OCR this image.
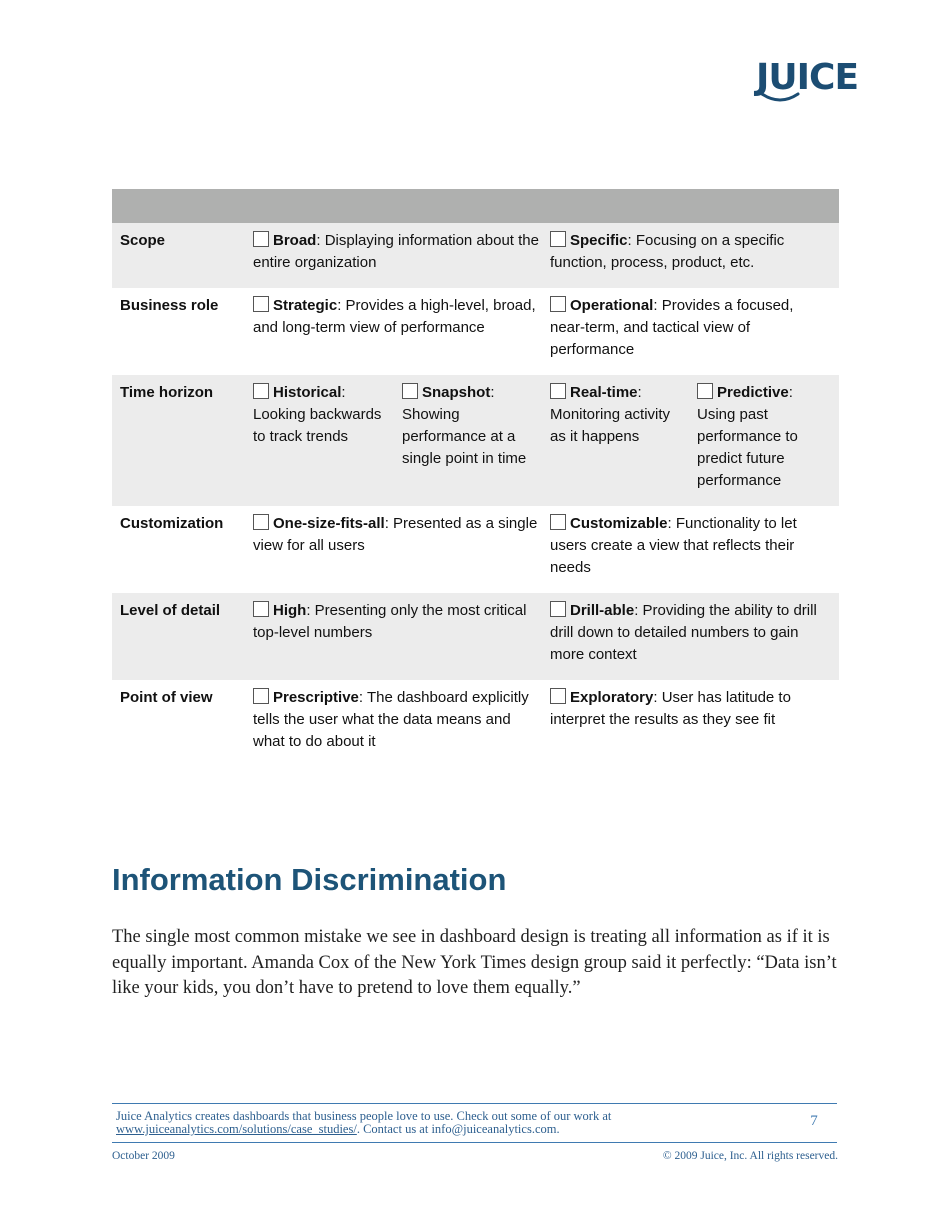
JUICE

Scope	Broad: Displaying information about the entire organization		Specific: Focusing on a specific function, process, product, etc.	
Business role	Strategic: Provides a high-level, broad, and long-term view of performance		Operational: Provides a focused, near-term, and tactical view of performance	
Time horizon	Historical: Looking backwards to track trends	Snapshot: Showing performance at a single point in time	Real-time: Monitoring activity as it happens	Predictive: Using past performance to predict future performance
Customization	One-size-fits-all: Presented as a single view for all users		Customizable: Functionality to let users create a view that reflects their needs	
Level of detail	High: Presenting only the most critical top-level numbers		Drill-able: Providing the ability to drill drill down to detailed numbers to gain more context	
Point of view	Prescriptive: The dashboard explicitly tells the user what the data means and what to do about it		Exploratory: User has latitude to interpret the results as they see fit	
Information Discrimination

The single most common mistake we see in dashboard design is treating all information as if it is equally important. Amanda Cox of the New York Times design group said it perfectly: “Data isn’t like your kids, you don’t have to pretend to love them equally.”

Juice Analytics creates dashboards that business people love to use. Check out some of our work at
www.juiceanalytics.com/solutions/case_studies/. Contact us at info@juiceanalytics.com.	7
October 2009	© 2009 Juice, Inc. All rights reserved.
